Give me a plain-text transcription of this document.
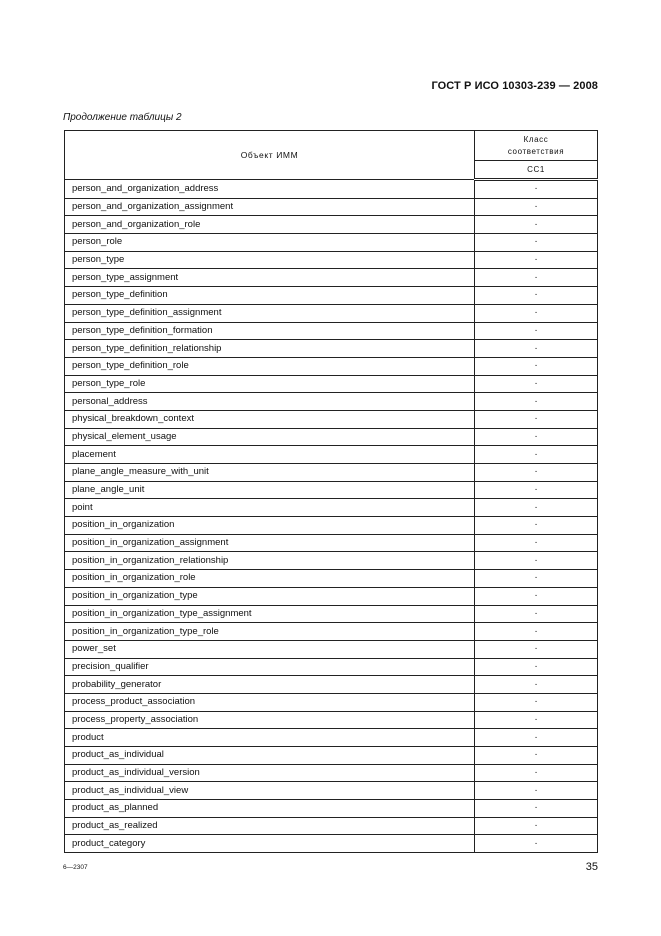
ГОСТ Р ИСО 10303-239 — 2008
Продолжение таблицы 2
Объект ИММ	Класс
соответствия

	CC1
person_and_organization_address	·
person_and_organization_assignment	·
person_and_organization_role	·
person_role	·
person_type	·
person_type_assignment	·
person_type_definition	·
person_type_definition_assignment	·
person_type_definition_formation	·
person_type_definition_relationship	·
person_type_definition_role	·
person_type_role	·
personal_address	·
physical_breakdown_context	·
physical_element_usage	·
placement	·
plane_angle_measure_with_unit	·
plane_angle_unit	·
point	·
position_in_organization	·
position_in_organization_assignment	·
position_in_organization_relationship	·
position_in_organization_role	·
position_in_organization_type	·
position_in_organization_type_assignment	·
position_in_organization_type_role	·
power_set	·
precision_qualifier	·
probability_generator	·
process_product_association	·
process_property_association	·
product	·
product_as_individual	·
product_as_individual_version	·
product_as_individual_view	·
product_as_planned	·
product_as_realized	·
product_category	·
6—2307	35
